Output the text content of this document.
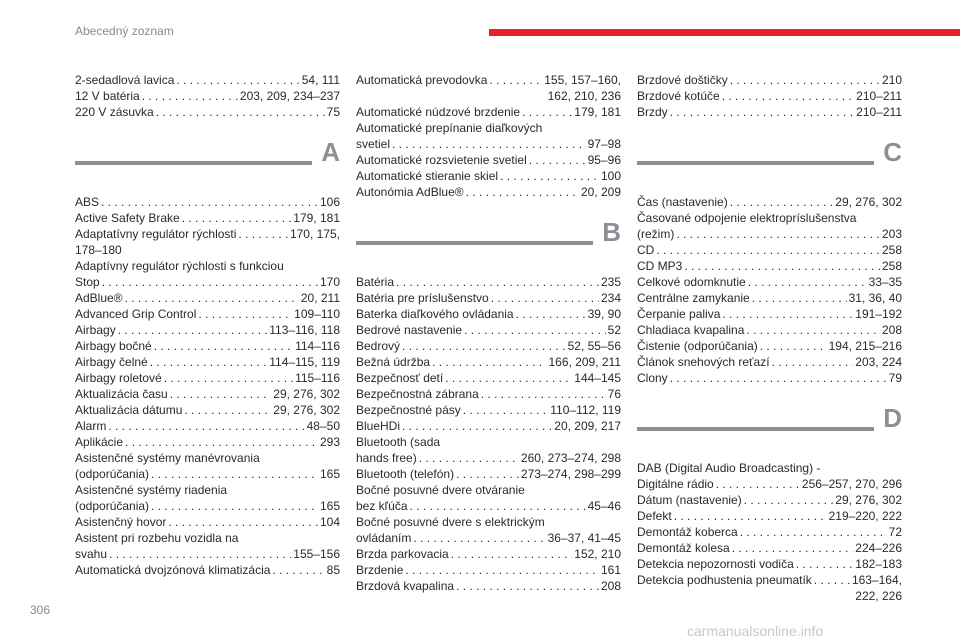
Abecedný zoznam
2-sedadlová lavica . . .	54, 111
12 V batéria . . .	203, 209, 234–237
220 V zásuvka . . .	75
A
ABS . . .	106
Active Safety Brake . . .	179, 181
Adaptatívny regulátor rýchlosti . . .	170, 175,
178–180
Adaptívny regulátor rýchlosti s funkciou
Stop . . .	170
AdBlue® . . .	20, 211
Advanced Grip Control . . .	109–110
Airbagy . . .	113–116, 118
Airbagy bočné . . .	114–116
Airbagy čelné . . .	114–115, 119
Airbagy roletové . . .	115–116
Aktualizácia času . . .	29, 276, 302
Aktualizácia dátumu . . .	29, 276, 302
Alarm . . .	48–50
Aplikácie . . .	293
Asistenčné systémy manévrovania
(odporúčania) . . .	165
Asistenčné systémy riadenia
(odporúčania) . . .	165
Asistenčný hovor . . .	104
Asistent pri rozbehu vozidla na
svahu . . .	155–156
Automatická dvojzónová klimatizácia . . .	85
Automatická prevodovka . . .	155, 157–160,
162, 210, 236
Automatické núdzové brzdenie . . .	179, 181
Automatické prepínanie diaľkových
svetiel . . .	97–98
Automatické rozsvietenie svetiel . . .	95–96
Automatické stieranie skiel . . .	100
Autonómia AdBlue® . . .	20, 209
B
Batéria . . .	235
Batéria pre príslušenstvo . . .	234
Baterka diaľkového ovládania . . .	39, 90
Bedrové nastavenie . . .	52
Bedrový . . .	52, 55–56
Bežná údržba . . .	166, 209, 211
Bezpečnosť detí . . .	144–145
Bezpečnostná zábrana . . .	76
Bezpečnostné pásy . . .	110–112, 119
BlueHDi . . .	20, 209, 217
Bluetooth (sada
hands free) . . .	260, 273–274, 298
Bluetooth (telefón) . . .	273–274, 298–299
Bočné posuvné dvere otváranie
bez kľúča . . .	45–46
Bočné posuvné dvere s elektrickým
ovládaním . . .	36–37, 41–45
Brzda parkovacia . . .	152, 210
Brzdenie . . .	161
Brzdová kvapalina . . .	208
Brzdové doštičky . . .	210
Brzdové kotúče . . .	210–211
Brzdy . . .	210–211
C
Čas (nastavenie) . . .	29, 276, 302
Časované odpojenie elektropríslušenstva
(režim) . . .	203
CD . . .	258
CD MP3 . . .	258
Celkové odomknutie . . .	33–35
Centrálne zamykanie . . .	31, 36, 40
Čerpanie paliva . . .	191–192
Chladiaca kvapalina . . .	208
Čistenie (odporúčania) . . .	194, 215–216
Článok snehových reťazí . . .	203, 224
Clony . . .	79
D
DAB (Digital Audio Broadcasting) -
Digitálne rádio . . .	256–257, 270, 296
Dátum (nastavenie) . . .	29, 276, 302
Defekt . . .	219–220, 222
Demontáž koberca . . .	72
Demontáž kolesa . . .	224–226
Detekcia nepozornosti vodiča . . .	182–183
Detekcia podhustenia pneumatík . . .	163–164,
222, 226
306
carmanualsonline.info
